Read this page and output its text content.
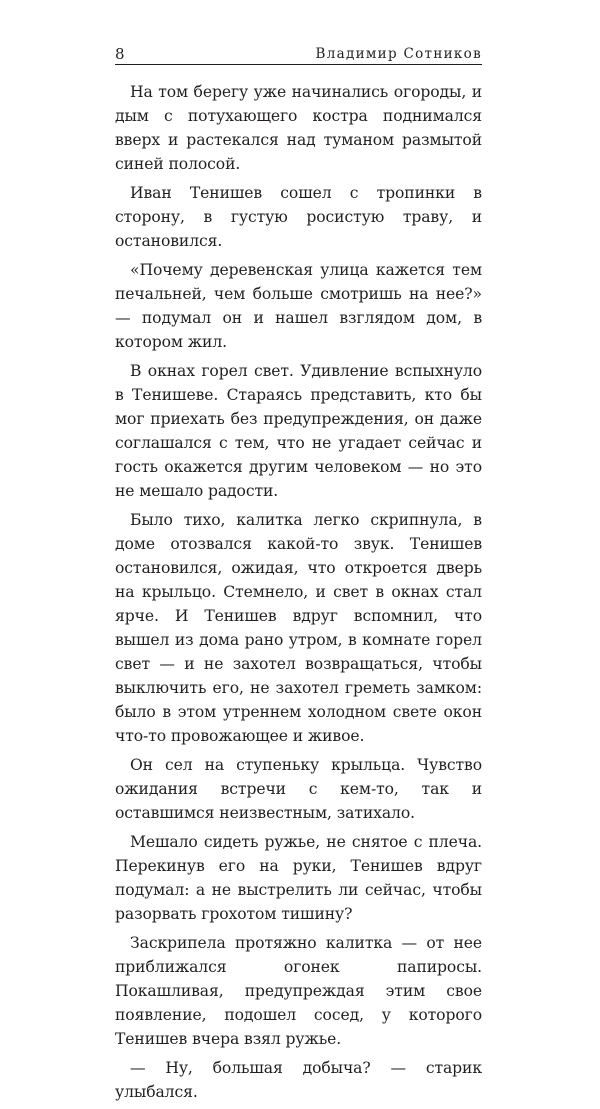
8	Владимир Сотников

На том берегу уже начинались огороды, и дым с потухающего костра поднимался вверх и растекался над туманом размытой синей полосой.

Иван Тенишев сошел с тропинки в сторону, в густую росистую траву, и остановился.

«Почему деревенская улица кажется тем печальней, чем больше смотришь на нее?» — подумал он и нашел взглядом дом, в котором жил.

В окнах горел свет. Удивление вспыхнуло в Тенишеве. Стараясь представить, кто бы мог приехать без предупреждения, он даже соглашался с тем, что не угадает сейчас и гость окажется другим человеком — но это не мешало радости.

Было тихо, калитка легко скрипнула, в доме отозвался какой-то звук. Тенишев остановился, ожидая, что откроется дверь на крыльцо. Стемнело, и свет в окнах стал ярче. И Тенишев вдруг вспомнил, что вышел из дома рано утром, в комнате горел свет — и не захотел возвращаться, чтобы выключить его, не захотел греметь замком: было в этом утреннем холодном свете окон что-то провожающее и живое.

Он сел на ступеньку крыльца. Чувство ожидания встречи с кем-то, так и оставшимся неизвестным, затихало.

Мешало сидеть ружье, не снятое с плеча. Перекинув его на руки, Тенишев вдруг подумал: а не выстрелить ли сейчас, чтобы разорвать грохотом тишину?

Заскрипела протяжно калитка — от нее приближался огонек папиросы. Покашливая, предупреждая этим свое появление, подошел сосед, у которого Тенишев вчера взял ружье.

— Ну, большая добыча? — старик улыбался.
